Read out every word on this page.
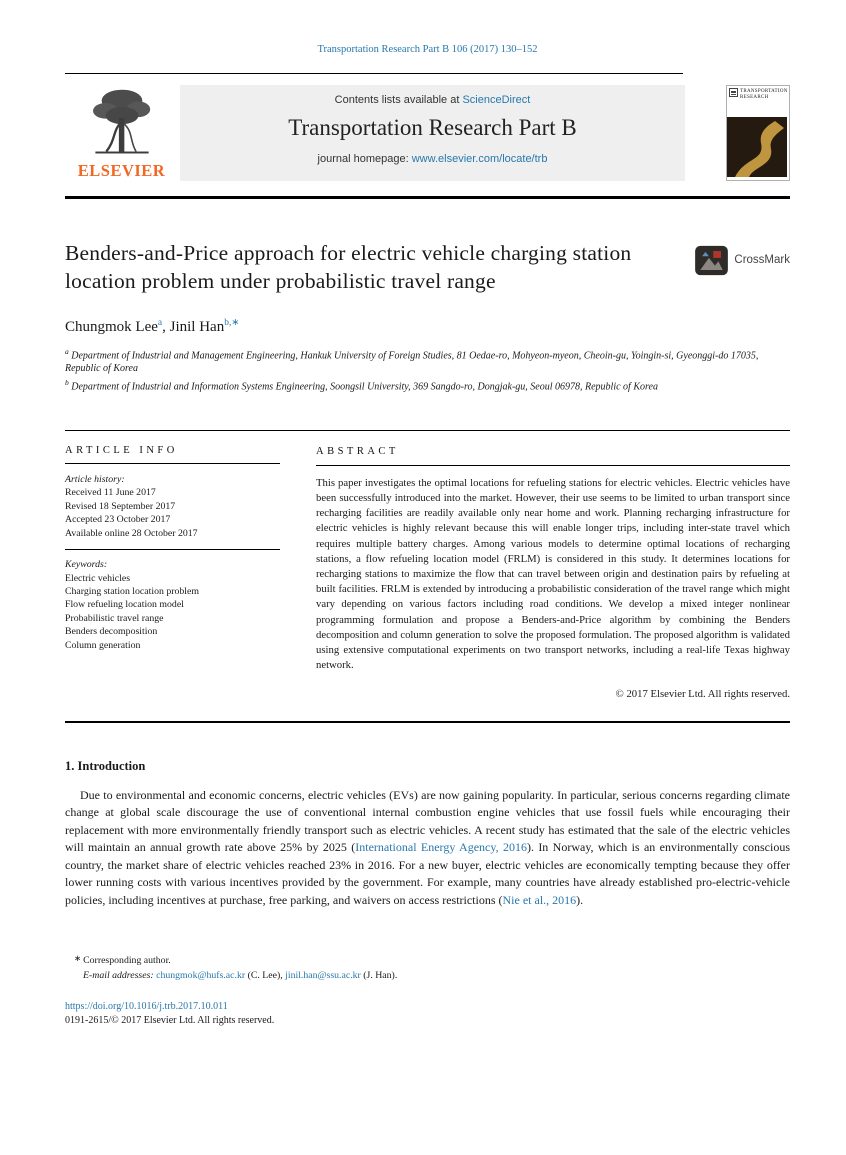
Transportation Research Part B 106 (2017) 130–152
ELSEVIER
Contents lists available at ScienceDirect
Transportation Research Part B
journal homepage: www.elsevier.com/locate/trb
TRANSPORTATION
RESEARCH
Benders-and-Price approach for electric vehicle charging station location problem under probabilistic travel range
CrossMark
Chungmok Lee$^a$, Jinil Han$^{b,∗}$
$^a$ Department of Industrial and Management Engineering, Hankuk University of Foreign Studies, 81 Oedae-ro, Mohyeon-myeon, Cheoin-gu, Yoingin-si, Gyeonggi-do 17035, Republic of Korea
$^b$ Department of Industrial and Information Systems Engineering, Soongsil University, 369 Sangdo-ro, Dongjak-gu, Seoul 06978, Republic of Korea
ARTICLE INFO
Article history:
Received 11 June 2017
Revised 18 September 2017
Accepted 23 October 2017
Available online 28 October 2017
Keywords:
Electric vehicles
Charging station location problem
Flow refueling location model
Probabilistic travel range
Benders decomposition
Column generation
ABSTRACT
This paper investigates the optimal locations for refueling stations for electric vehicles. Electric vehicles have been successfully introduced into the market. However, their use seems to be limited to urban transport since recharging facilities are readily available only near home and work. Planning recharging infrastructure for electric vehicles is highly relevant because this will enable longer trips, including inter-state travel which requires multiple battery charges. Among various models to determine optimal locations of recharging stations, a flow refueling location model (FRLM) is considered in this study. It determines locations for recharging stations to maximize the flow that can travel between origin and destination pairs by refueling at built facilities. FRLM is extended by introducing a probabilistic consideration of the travel range which might vary depending on various factors including road conditions. We develop a mixed integer nonlinear programming formulation and propose a Benders-and-Price algorithm by combining the Benders decomposition and column generation to solve the proposed formulation. The proposed algorithm is validated using extensive computational experiments on two transport networks, including a real-life Texas highway network.
© 2017 Elsevier Ltd. All rights reserved.
1. Introduction

Due to environmental and economic concerns, electric vehicles (EVs) are now gaining popularity. In particular, serious concerns regarding climate change at global scale discourage the use of conventional internal combustion engine vehicles that use fossil fuels while encouraging their replacement with more environmentally friendly transport such as electric vehicles. A recent study has estimated that the sale of the electric vehicles will maintain an annual growth rate above 25% by 2025 (International Energy Agency, 2016). In Norway, which is an environmentally conscious country, the market share of electric vehicles reached 23% in 2016. For a new buyer, electric vehicles are economically tempting because they offer lower running costs with various incentives provided by the government. For example, many countries have already established pro-electric-vehicle policies, including incentives at purchase, free parking, and waivers on access restrictions (Nie et al., 2016).

∗ Corresponding author.
E-mail addresses: chungmok@hufs.ac.kr (C. Lee), jinil.han@ssu.ac.kr (J. Han).
https://doi.org/10.1016/j.trb.2017.10.011
0191-2615/© 2017 Elsevier Ltd. All rights reserved.
